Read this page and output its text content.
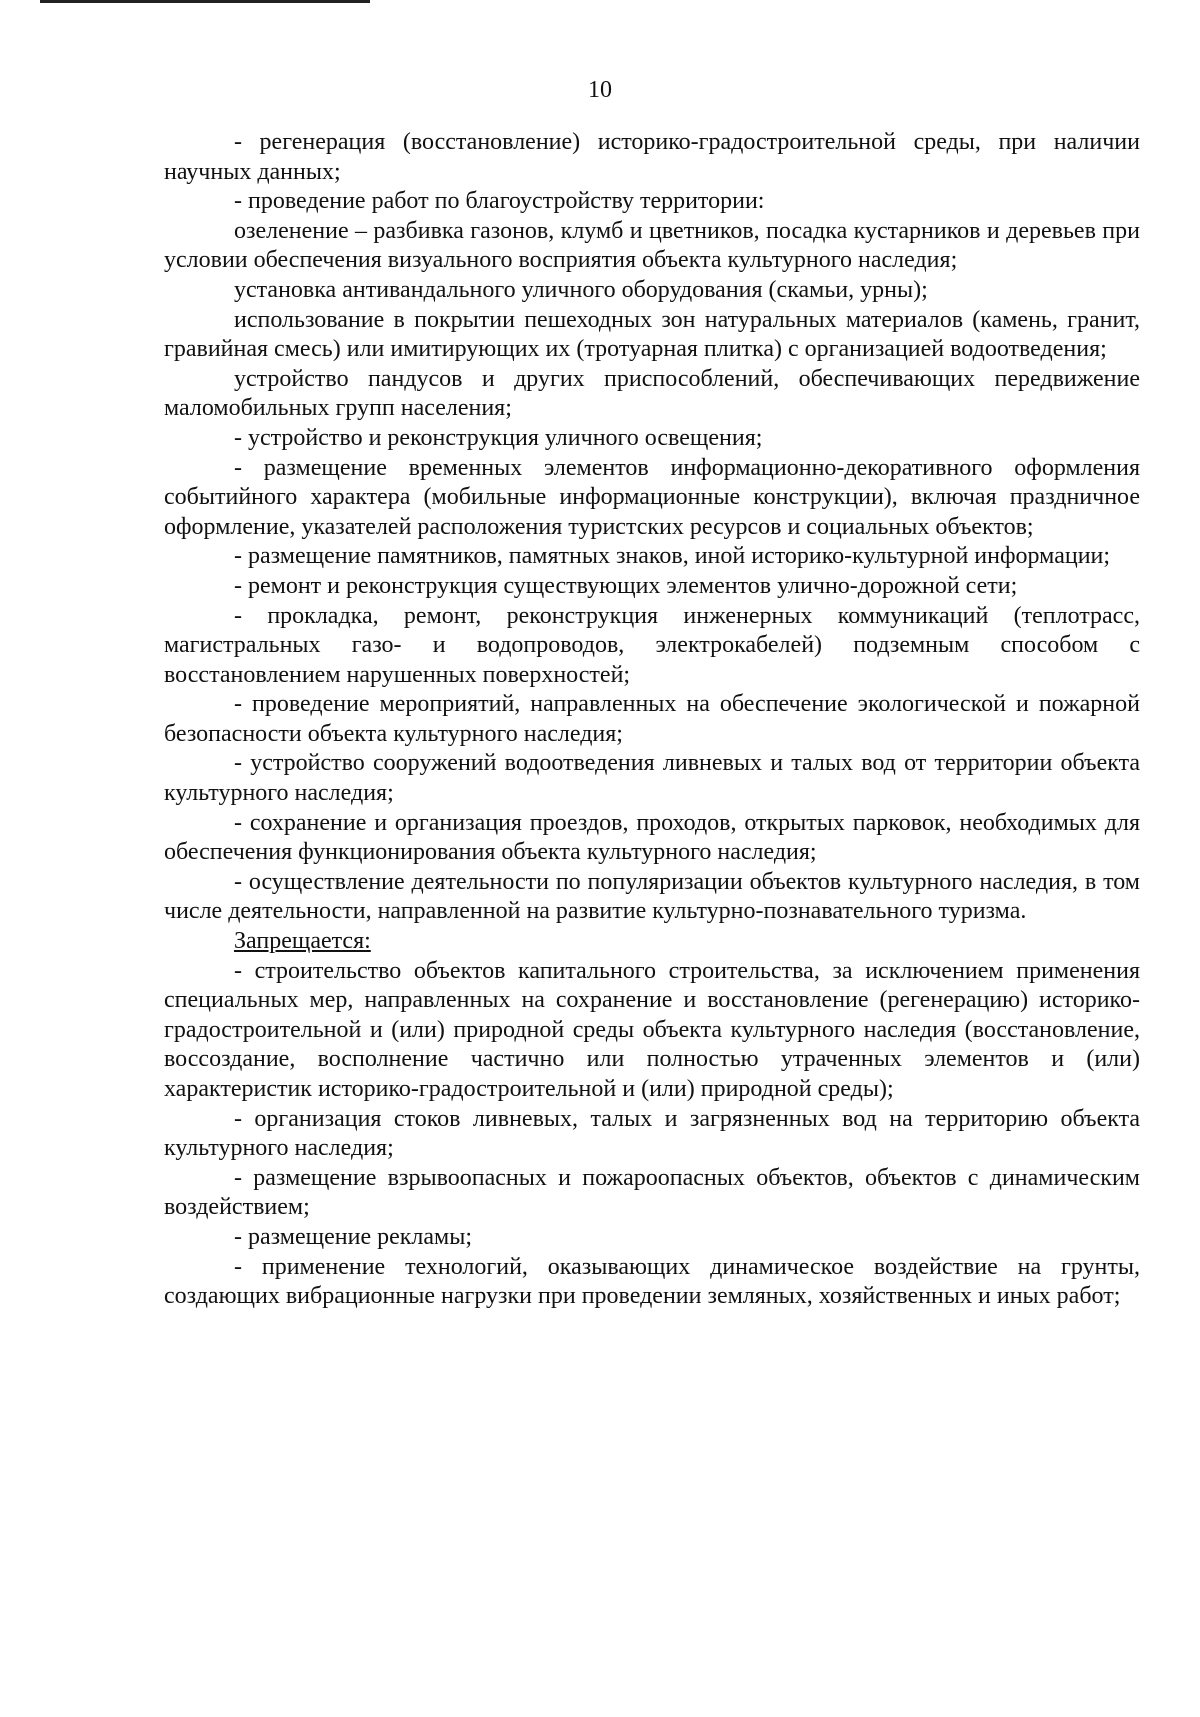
10

- регенерация (восстановление) историко-градостроительной среды, при наличии научных данных;

- проведение работ по благоустройству территории:

озеленение – разбивка газонов, клумб и цветников, посадка кустарников и деревьев при условии обеспечения визуального восприятия объекта культурного наследия;

установка антивандального уличного оборудования (скамьи, урны);

использование в покрытии пешеходных зон натуральных материалов (камень, гранит, гравийная смесь) или имитирующих их (тротуарная плитка) с организацией водоотведения;

устройство пандусов и других приспособлений, обеспечивающих передвижение маломобильных групп населения;

- устройство и реконструкция уличного освещения;

- размещение временных элементов информационно-декоративного оформления событийного характера (мобильные информационные конструкции), включая праздничное оформление, указателей расположения туристских ресурсов и социальных объектов;

- размещение памятников, памятных знаков, иной историко-культурной информации;

- ремонт и реконструкция существующих элементов улично-дорожной сети;

- прокладка, ремонт, реконструкция инженерных коммуникаций (теплотрасс, магистральных газо- и водопроводов, электрокабелей) подземным способом с восстановлением нарушенных поверхностей;

- проведение мероприятий, направленных на обеспечение экологической и пожарной безопасности объекта культурного наследия;

- устройство сооружений водоотведения ливневых и талых вод от территории объекта культурного наследия;

- сохранение и организация проездов, проходов, открытых парковок, необходимых для обеспечения функционирования объекта культурного наследия;

- осуществление деятельности по популяризации объектов культурного наследия, в том числе деятельности, направленной на развитие культурно-познавательного туризма.

Запрещается:

- строительство объектов капитального строительства, за исключением применения специальных мер, направленных на сохранение и восстановление (регенерацию) историко-градостроительной и (или) природной среды объекта культурного наследия (восстановление, воссоздание, восполнение частично или полностью утраченных элементов и (или) характеристик историко-градостроительной и (или) природной среды);

- организация стоков ливневых, талых и загрязненных вод на территорию объекта культурного наследия;

- размещение взрывоопасных и пожароопасных объектов, объектов с динамическим воздействием;

- размещение рекламы;

- применение технологий, оказывающих динамическое воздействие на грунты, создающих вибрационные нагрузки при проведении земляных, хозяйственных и иных работ;
